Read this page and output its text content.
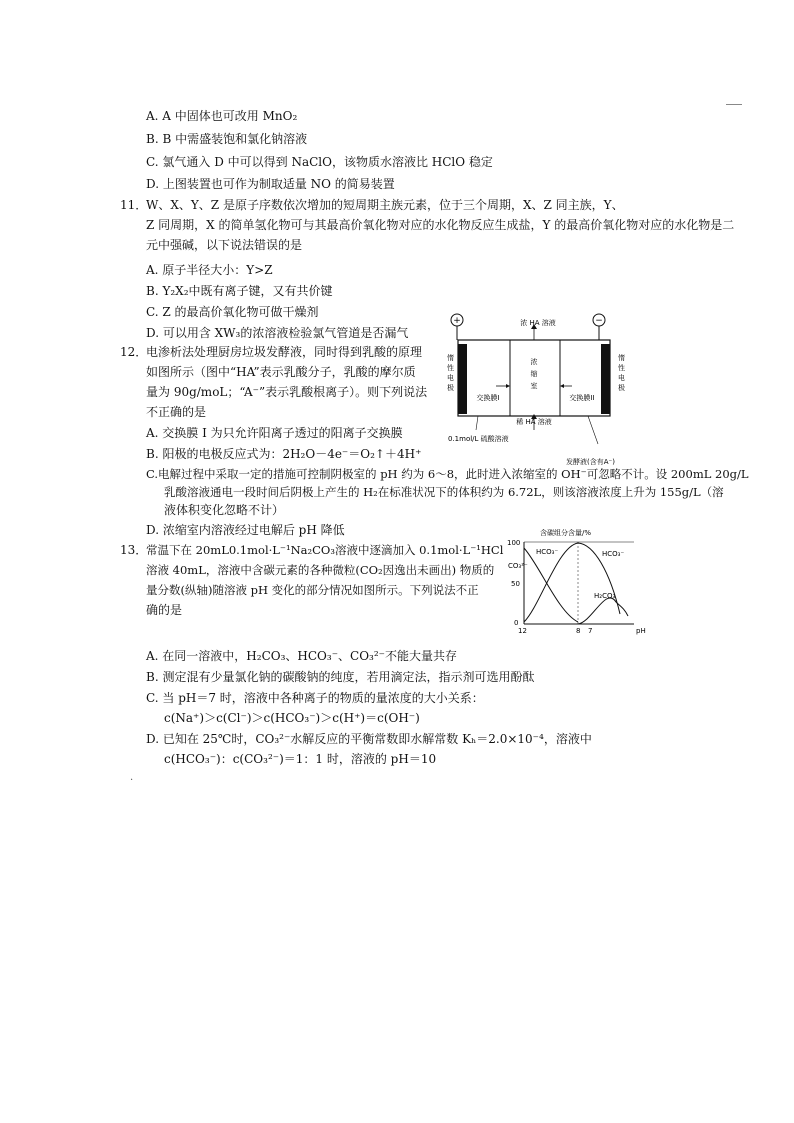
A. A 中固体也可改用 MnO₂
B. B 中需盛装饱和氯化钠溶液
C. 氯气通入 D 中可以得到 NaClO，该物质水溶液比 HClO 稳定
D. 上图装置也可作为制取适量 NO 的简易装置
11．
W、X、Y、Z 是原子序数依次增加的短周期主族元素，位于三个周期，X、Z 同主族，Y、
Z 同周期，X 的简单氢化物可与其最高价氧化物对应的水化物反应生成盐，Y 的最高价氧化物对应的水化物是二
元中强碱，以下说法错误的是
A. 原子半径大小：Y>Z
B. Y₂X₂中既有离子键，又有共价键
C. Z 的最高价氧化物可做干燥剂
D. 可以用含 XW₃的浓溶液检验氯气管道是否漏气
12．
电渗析法处理厨房垃圾发酵液，同时得到乳酸的原理
如图所示（图中“HA”表示乳酸分子，乳酸的摩尔质
量为 90g/moL；“A⁻”表示乳酸根离子）。则下列说法
不正确的是
A. 交换膜 I 为只允许阳离子透过的阳离子交换膜
B. 阳极的电极反应式为：2H₂O－4e⁻＝O₂↑＋4H⁺
C.电解过程中采取一定的措施可控制阴极室的 pH 约为 6～8，此时进入浓缩室的 OH⁻可忽略不计。设 200mL 20g/L
乳酸溶液通电一段时间后阴极上产生的 H₂在标准状况下的体积约为 6.72L，则该溶液浓度上升为 155g/L（溶
液体积变化忽略不计）
D. 浓缩室内溶液经过电解后 pH 降低
+	−
浓 HA 溶液
惰性电极
惰性电极
浓缩室
交换膜I	交换膜II
稀 HA 溶液
0.1mol/L 硫酸溶液
发酵液(含有A⁻)
13．
常温下在 20mL0.1mol·L⁻¹Na₂CO₃溶液中逐滴加入 0.1mol·L⁻¹HCl
溶液 40mL，溶液中含碳元素的各种微粒(CO₂因逸出未画出) 物质的
量分数(纵轴)随溶液 pH 变化的部分情况如图所示。下列说法不正
确的是
A. 在同一溶液中，H₂CO₃、HCO₃⁻、CO₃²⁻不能大量共存
B. 测定混有少量氯化钠的碳酸钠的纯度，若用滴定法，指示剂可选用酚酞
C. 当 pH＝7 时，溶液中各种离子的物质的量浓度的大小关系：
c(Na⁺)＞c(Cl⁻)＞c(HCO₃⁻)＞c(H⁺)＝c(OH⁻)
D. 已知在 25℃时，CO₃²⁻水解反应的平衡常数即水解常数 Kₕ＝2.0×10⁻⁴，溶液中
c(HCO₃⁻)：c(CO₃²⁻)＝1：1 时，溶液的 pH＝10
含碳组分含量/%
100
50
0
12	8 7	pH
CO₃²⁻
HCO₃⁻	HCO₃⁻
H₂CO₃
.
